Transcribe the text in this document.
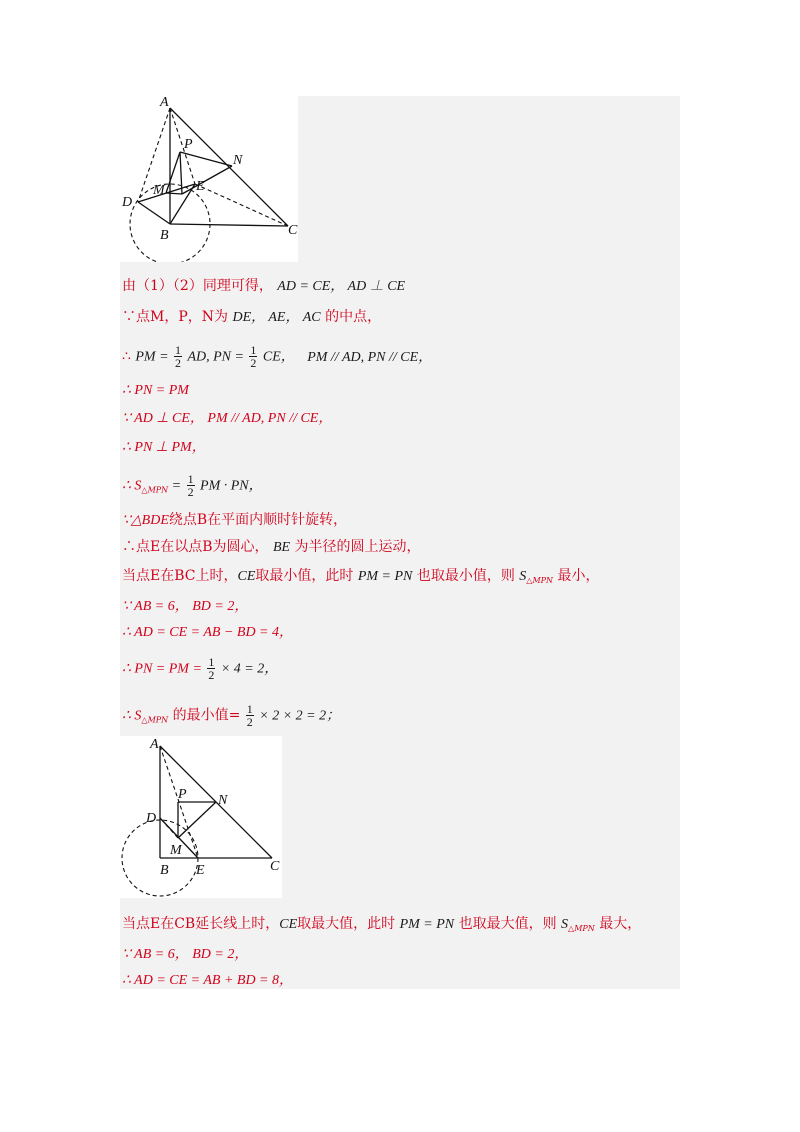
A
P
N
D
M E
B	C
由（1）（2）同理可得， AD = CE， AD ⊥ CE
∵点M，P，N为 DE， AE， AC 的中点，
∴ PM = $\frac{1}{2}$ AD, PN = $\frac{1}{2}$ CE， PM // AD, PN // CE，
∴ PN = PM
∵ AD ⊥ CE， PM // AD, PN // CE，
∴ PN ⊥ PM，
∴ $S_{\triangle MPN} = \frac{1}{2}$ PM · PN，
∵△BDE绕点B在平面内顺时针旋转，
∴点E在以点B为圆心， BE 为半径的圆上运动，
当点E在BC上时，CE取最小值，此时 PM = PN 也取最小值，则 $S_{\triangle MPN}$ 最小，
∵ AB = 6， BD = 2，
∴ AD = CE = AB − BD = 4，
∴ PN = PM = $\frac{1}{2} \times 4 = 2$，
∴ $S_{\triangle MPN}$ 的最小值= $\frac{1}{2} \times 2 \times 2 = 2$；
A
P N
D
M
B E	C
当点E在CB延长线上时，CE取最大值，此时 PM = PN 也取最大值，则 $S_{\triangle MPN}$ 最大，
∵ AB = 6， BD = 2，
∴ AD = CE = AB + BD = 8，
